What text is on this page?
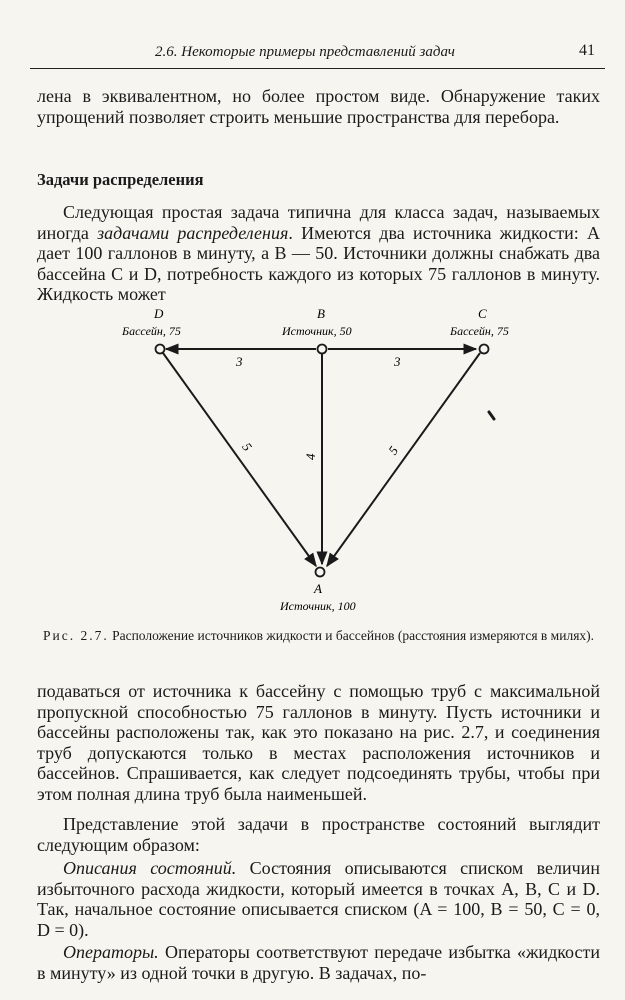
2.6. Некоторые примеры представлений задач	41

лена в эквивалентном, но более простом виде. Обнаружение таких упрощений позволяет строить меньшие пространства для перебора.

Задачи распределения

Следующая простая задача типична для класса задач, называемых иногда задачами распределения. Имеются два источника жидкости: A дает 100 галлонов в минуту, а B — 50. Источники должны снабжать два бассейна C и D, потребность каждого из которых 75 галлонов в минуту. Жидкость может

D
Бассейн, 75
B
Источник, 50
C
Бассейн, 75
A
Источник, 100
3	3
5
4	5

Рис. 2.7. Расположение источников жидкости и бассейнов (расстояния измеряются в милях).

подаваться от источника к бассейну с помощью труб с максимальной пропускной способностью 75 галлонов в минуту. Пусть источники и бассейны расположены так, как это показано на рис. 2.7, и соединения труб допускаются только в местах расположения источников и бассейнов. Спрашивается, как следует подсоединять трубы, чтобы при этом полная длина труб была наименьшей.

Представление этой задачи в пространстве состояний выглядит следующим образом:

Описания состояний. Состояния описываются списком величин избыточного расхода жидкости, который имеется в точках A, B, C и D. Так, начальное состояние описывается списком (A = 100, B = 50, C = 0, D = 0).

Операторы. Операторы соответствуют передаче избытка «жидкости в минуту» из одной точки в другую. В задачах, по-
